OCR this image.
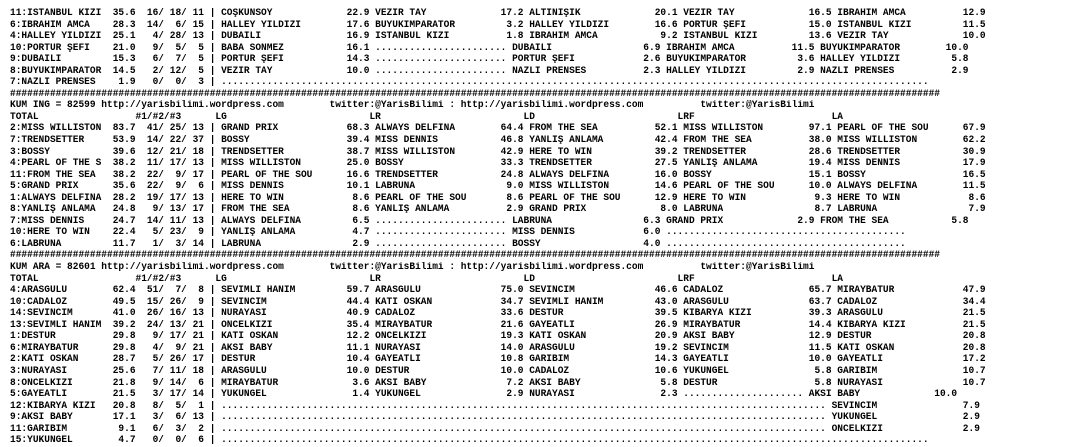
11:İSTANBUL KIZI  35.6  16/ 18/ 11 | COŞKUNSOY             22.9 VEZİR TAY             17.2 ALTINIŞIK             20.1 VEZİR TAY             16.5 İBRAHİM AMCA          12.9
6:İBRAHİM AMCA    28.3  14/  6/ 15 | HALLEY YILDIZI        17.6 BÜYÜKİMPARATOR         3.2 HALLEY YILDIZI        16.6 PORTÜR ŞEFİ           15.0 İSTANBUL KIZI         11.5
4:HALLEY YILDIZI  25.1   4/ 28/ 13 | DUBAİLİ               16.9 İSTANBUL KIZI          1.8 İBRAHİM AMCA           9.2 İSTANBUL KIZI         13.6 VEZİR TAY             10.0
10:PORTÜR ŞEFİ    21.0   9/  5/  5 | BABA SÖNMEZ           16.1 ....................... DUBAİLİ                6.9 İBRAHİM AMCA          11.5 BÜYÜKİMPARATOR        10.0
9:DUBAİLİ         15.3   6/  7/  5 | PORTÜR ŞEFİ           14.3 ....................... PORTÜR ŞEFİ            2.6 BÜYÜKİMPARATOR         3.6 HALLEY YILDIZI         5.8
8:BÜYÜKİMPARATOR  14.5   2/ 12/  5 | VEZİR TAY             10.0 ....................... NAZLI PRENSES          2.3 HALLEY YILDIZI         2.9 NAZLI PRENSES          2.9
7:NAZLI PRENSES    1.9   0/  0/  3 | ............................................................................................................................
###################################################################################################################################################################
KUM ING = 82599 http://yarisbilimi.wordpress.com        twitter:@YarisBilimi : http://yarisbilimi.wordpress.com          twitter:@YarisBilimi
TOTAL                 #1/#2/#3      LG                         LR                         LD                         LRF                        LA
2:MISS WILLISTON  83.7  41/ 25/ 13 | GRAND PRIX            68.3 ALWAYS DELFINA        64.4 FROM THE SEA          52.1 MISS WILLISTON        97.1 PEARL OF THE SOU      67.9
7:TRENDSETTER     53.9  14/ 22/ 37 | BOSSY                 39.4 MISS DENNIS           46.8 YANLIŞ ANLAMA         42.4 FROM THE SEA          38.0 MISS WILLISTON        62.2
3:BOSSY           39.6  12/ 21/ 18 | TRENDSETTER           38.7 MISS WILLISTON        42.9 HERE TO WIN           39.2 TRENDSETTER           28.6 TRENDSETTER           30.9
4:PEARL OF THE S  38.2  11/ 17/ 13 | MISS WILLISTON        25.0 BOSSY                 33.3 TRENDSETTER           27.5 YANLIŞ ANLAMA         19.4 MISS DENNIS           17.9
11:FROM THE SEA   38.2  22/  9/ 17 | PEARL OF THE SOU      16.6 TRENDSETTER           24.8 ALWAYS DELFINA        16.0 BOSSY                 15.1 BOSSY                 16.5
5:GRAND PRIX      35.6  22/  9/  6 | MISS DENNIS           10.1 LABRUNA                9.0 MISS WILLISTON        14.6 PEARL OF THE SOU      10.0 ALWAYS DELFINA        11.5
1:ALWAYS DELFINA  28.2  19/ 17/ 13 | HERE TO WIN            8.6 PEARL OF THE SOU       8.6 PEARL OF THE SOU      12.9 HERE TO WIN            9.3 HERE TO WIN            8.6
8:YANLIŞ ANLAMA   24.8   9/ 13/ 17 | FROM THE SEA           8.6 YANLIŞ ANLAMA          2.9 GRAND PRIX             8.0 LABRUNA                8.7 LABRUNA                7.9
7:MISS DENNIS     24.7  14/ 11/ 13 | ALWAYS DELFINA         6.5 ....................... LABRUNA                6.3 GRAND PRIX             2.9 FROM THE SEA           5.8
10:HERE TO WIN    22.4   5/ 23/  9 | YANLIŞ ANLAMA          4.7 ....................... MISS DENNIS            6.0 ..........................................
6:LABRUNA         11.7   1/  3/ 14 | LABRUNA                2.9 ....................... BOSSY                  4.0 ..........................................
###################################################################################################################################################################
KUM ARA = 82601 http://yarisbilimi.wordpress.com        twitter:@YarisBilimi : http://yarisbilimi.wordpress.com          twitter:@YarisBilimi
TOTAL                 #1/#2/#3      LG                         LR                         LD                         LRF                        LA
4:ARASGÜLÜ        62.4  51/  7/  8 | SEVİMLİ HANIM         59.7 ARASGÜLÜ              75.0 SEVİNCİM              46.6 CADALOZ               65.7 MİRAYBATUR            47.9
10:CADALOZ        49.5  15/ 26/  9 | SEVİNCİM              44.4 KATI ÖSKAN            34.7 SEVİMLİ HANIM         43.0 ARASGÜLÜ              63.7 CADALOZ               34.4
14:SEVİNCİM       41.0  26/ 16/ 13 | NURAYASI              40.9 CADALOZ               33.6 DESTUR                39.5 KİBARYA KIZI          39.3 ARASGÜLÜ              21.5
13:SEVİMLİ HANIM  39.2  24/ 13/ 21 | ÖNCELKIZI             35.4 MİRAYBATUR            21.6 GAYEATLI              26.9 MİRAYBATUR            14.4 KİBARYA KIZI          21.5
1:DESTUR          29.8   9/ 17/ 21 | KATI ÖSKAN            12.2 ÖNCELKIZI             19.3 KATI ÖSKAN            20.9 AKSİ BABY             12.9 DESTUR                20.8
6:MİRAYBATUR      29.8   4/  9/ 21 | AKSİ BABY             11.1 NURAYASI              14.0 ARASGÜLÜ              19.2 SEVİNCİM              11.5 KATI ÖSKAN            20.8
2:KATI ÖSKAN      28.7   5/ 26/ 17 | DESTUR                10.4 GAYEATLI              10.8 GARİBİM               14.3 GAYEATLI              10.0 GAYEATLI              17.2
3:NURAYASI        25.6   7/ 11/ 18 | ARASGÜLÜ              10.0 DESTUR                10.0 CADALOZ               10.6 YÜKÜNGEL               5.8 GARİBİM               10.7
8:ÖNCELKIZI       21.8   9/ 14/  6 | MİRAYBATUR             3.6 AKSİ BABY              7.2 AKSİ BABY              5.8 DESTUR                 5.8 NURAYASI              10.7
5:GAYEATLI        21.5   3/ 17/ 14 | YÜKÜNGEL               1.4 YÜKÜNGEL               2.9 NURAYASI               2.3 ..................... AKSİ BABY             10.0
12:KİBARYA KIZI   20.8   8/  5/  1 | .......................................................................................................... SEVİNCİM               7.9
9:AKSİ BABY       17.1   3/  6/ 13 | .......................................................................................................... YÜKÜNGEL               2.9
11:GARİBİM         9.1   6/  3/  2 | .......................................................................................................... ÖNCELKIZI              2.9
15:YÜKÜNGEL        4.7   0/  0/  6 | ............................................................................................................................
